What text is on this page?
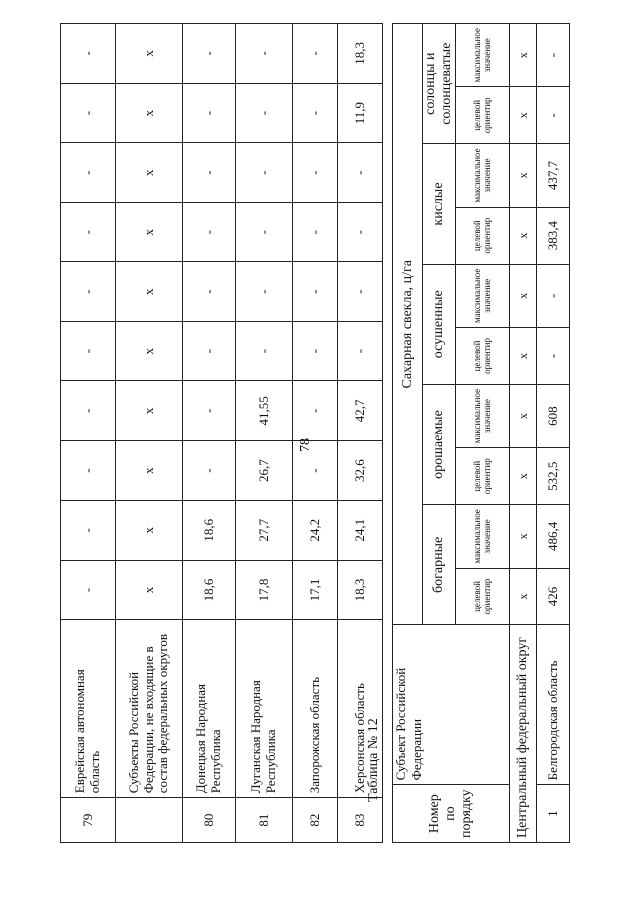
78
79	Еврейская автономная область	-	-	-	-	-	-	-	-	-	-
	Субъекты Российской Федерации, не входящие в состав федеральных округов	x	x	x	x	x	x	x	x	x	x
80	Донецкая Народная Республика	18,6	18,6	-	-	-	-	-	-	-	-
81	Луганская Народная Республика	17,8	27,7	26,7	41,55	-	-	-	-	-	-
82	Запорожская область	17,1	24,2	-	-	-	-	-	-	-	-
83	Херсонская область	18,3	24,1	32,6	42,7	-	-	-	-	11,9	18,3
Таблица № 12
Номер по порядку	Субъект Российской Федерации	Сахарная свекла, ц/га									
		богарные		орошаемые		осушенные		кислые		солонцы и солонцеватые	
		целевой ориентир	максимальное значение	целевой ориентир	максимальное значение	целевой ориентир	максимальное значение	целевой ориентир	максимальное значение	целевой ориентир	максимальное значение
Центральный федеральный округ		x	x	x	x	x	x	x	x	x	x
1	Белгородская область	426	486,4	532,5	608	-	-	383,4	437,7	-	-
